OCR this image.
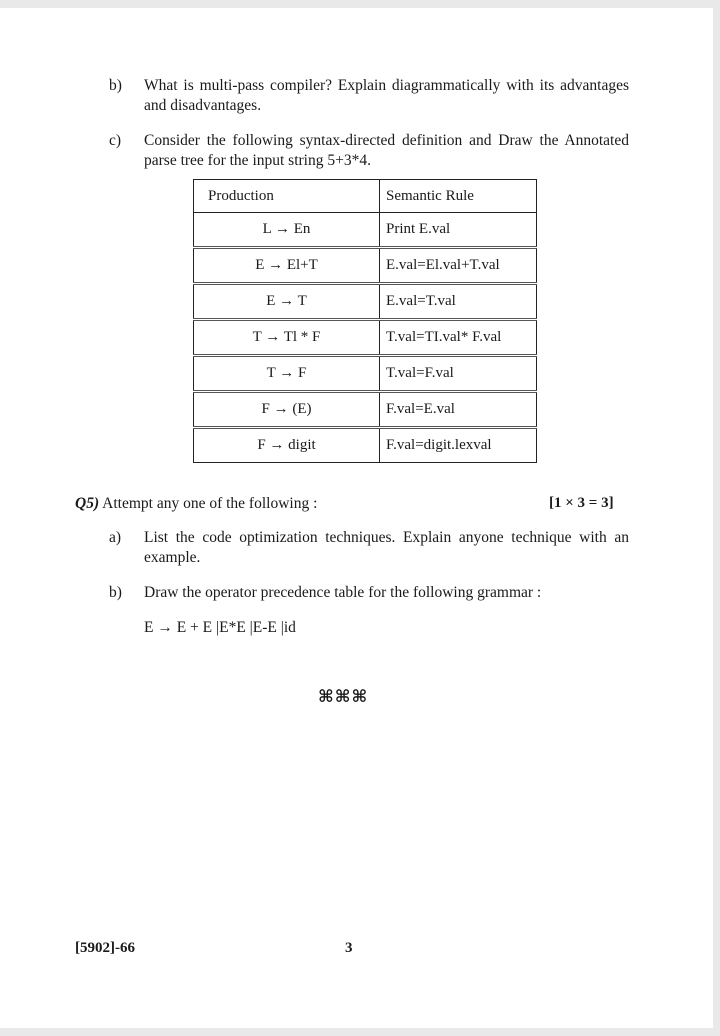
b) What is multi-pass compiler? Explain diagrammatically with its advantages and disadvantages.
c) Consider the following syntax-directed definition and Draw the Annotated parse tree for the input string 5+3*4.
Production	Semantic Rule
L → En	Print E.val
E → El+T	E.val=El.val+T.val
E → T	E.val=T.val
T → Tl * F	T.val=TI.val* F.val
T → F	T.val=F.val
F → (E)	F.val=E.val
F → digit	F.val=digit.lexval
Q5) Attempt any one of the following :	[1 × 3 = 3]
a) List the code optimization techniques. Explain anyone technique with an example.
b) Draw the operator precedence table for the following grammar :
E → E + E |E*E |E-E |id
⌘⌘⌘
[5902]-66	3
